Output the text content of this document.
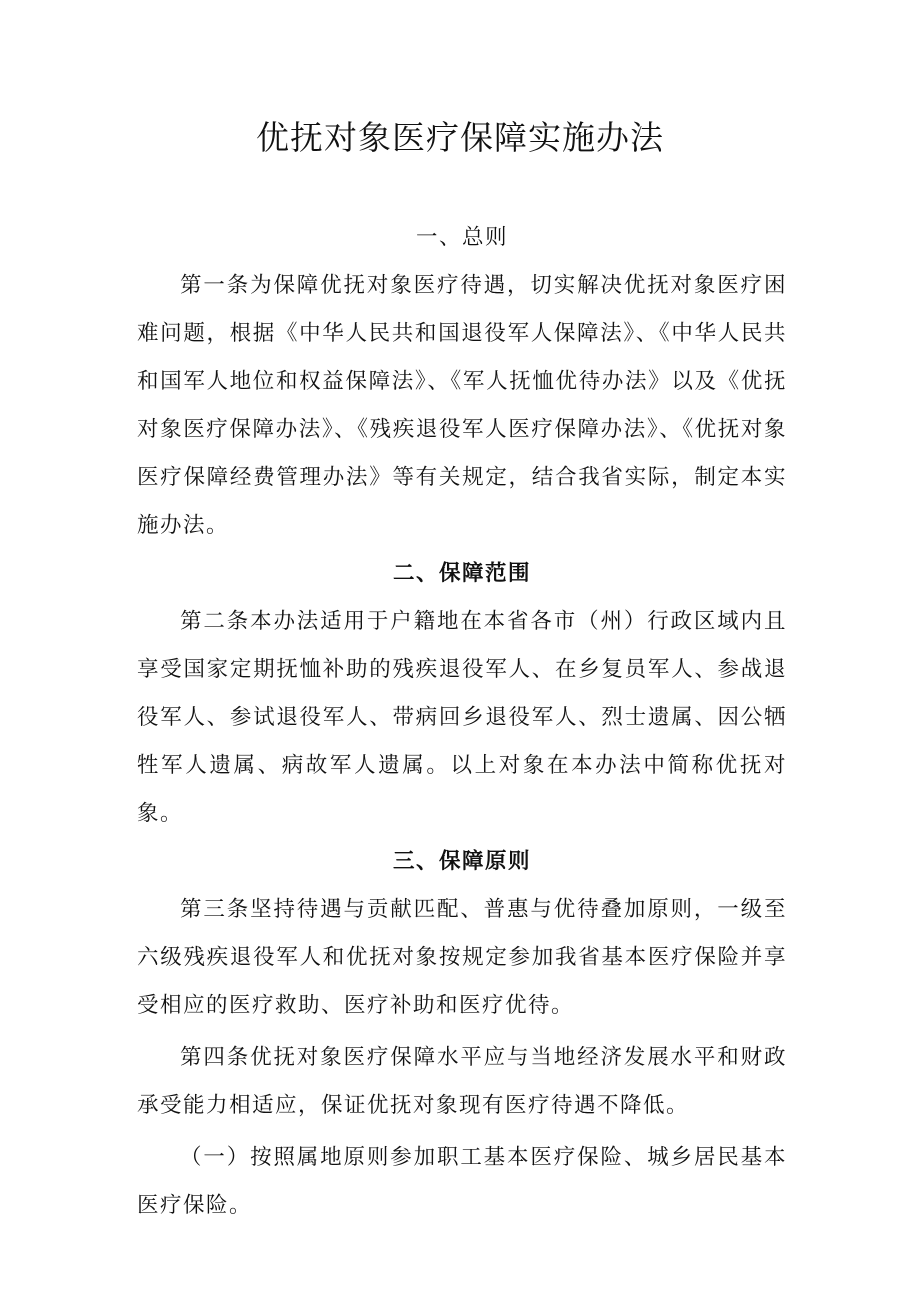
优抚对象医疗保障实施办法
一、总则

第一条为保障优抚对象医疗待遇，切实解决优抚对象医疗困难问题，根据《中华人民共和国退役军人保障法》、《中华人民共和国军人地位和权益保障法》、《军人抚恤优待办法》以及《优抚对象医疗保障办法》、《残疾退役军人医疗保障办法》、《优抚对象医疗保障经费管理办法》等有关规定，结合我省实际，制定本实施办法。

二、保障范围

第二条本办法适用于户籍地在本省各市（州）行政区域内且享受国家定期抚恤补助的残疾退役军人、在乡复员军人、参战退役军人、参试退役军人、带病回乡退役军人、烈士遗属、因公牺牲军人遗属、病故军人遗属。以上对象在本办法中简称优抚对象。

三、保障原则

第三条坚持待遇与贡献匹配、普惠与优待叠加原则，一级至六级残疾退役军人和优抚对象按规定参加我省基本医疗保险并享受相应的医疗救助、医疗补助和医疗优待。

第四条优抚对象医疗保障水平应与当地经济发展水平和财政承受能力相适应，保证优抚对象现有医疗待遇不降低。

（一）按照属地原则参加职工基本医疗保险、城乡居民基本医疗保险。
